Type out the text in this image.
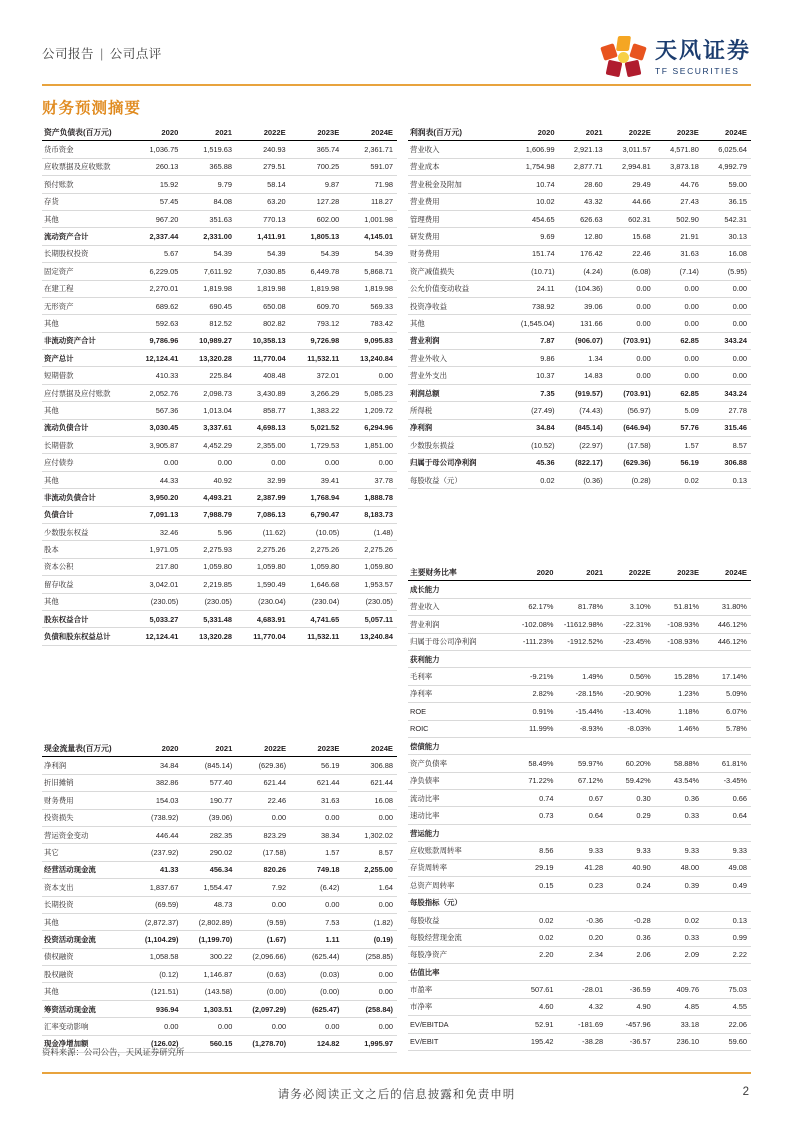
公司报告 | 公司点评	天风证券
TF SECURITIES
财务预测摘要
资产负债表(百万元)	2020	2021	2022E	2023E	2024E
货币资金	1,036.75	1,519.63	240.93	365.74	2,361.71
应收票据及应收账款	260.13	365.88	279.51	700.25	591.07
预付账款	15.92	9.79	58.14	9.87	71.98
存货	57.45	84.08	63.20	127.28	118.27
其他	967.20	351.63	770.13	602.00	1,001.98
流动资产合计	2,337.44	2,331.00	1,411.91	1,805.13	4,145.01
长期股权投资	5.67	54.39	54.39	54.39	54.39
固定资产	6,229.05	7,611.92	7,030.85	6,449.78	5,868.71
在建工程	2,270.01	1,819.98	1,819.98	1,819.98	1,819.98
无形资产	689.62	690.45	650.08	609.70	569.33
其他	592.63	812.52	802.82	793.12	783.42
非流动资产合计	9,786.96	10,989.27	10,358.13	9,726.98	9,095.83
资产总计	12,124.41	13,320.28	11,770.04	11,532.11	13,240.84
短期借款	410.33	225.84	408.48	372.01	0.00
应付票据及应付账款	2,052.76	2,098.73	3,430.89	3,266.29	5,085.23
其他	567.36	1,013.04	858.77	1,383.22	1,209.72
流动负债合计	3,030.45	3,337.61	4,698.13	5,021.52	6,294.96
长期借款	3,905.87	4,452.29	2,355.00	1,729.53	1,851.00
应付债券	0.00	0.00	0.00	0.00	0.00
其他	44.33	40.92	32.99	39.41	37.78
非流动负债合计	3,950.20	4,493.21	2,387.99	1,768.94	1,888.78
负债合计	7,091.13	7,988.79	7,086.13	6,790.47	8,183.73
少数股东权益	32.46	5.96	(11.62)	(10.05)	(1.48)
股本	1,971.05	2,275.93	2,275.26	2,275.26	2,275.26
资本公积	217.80	1,059.80	1,059.80	1,059.80	1,059.80
留存收益	3,042.01	2,219.85	1,590.49	1,646.68	1,953.57
其他	(230.05)	(230.05)	(230.04)	(230.04)	(230.05)
股东权益合计	5,033.27	5,331.48	4,683.91	4,741.65	5,057.11
负债和股东权益总计	12,124.41	13,320.28	11,770.04	11,532.11	13,240.84
现金流量表(百万元)	2020	2021	2022E	2023E	2024E
净利润	34.84	(845.14)	(629.36)	56.19	306.88
折旧摊销	382.86	577.40	621.44	621.44	621.44
财务费用	154.03	190.77	22.46	31.63	16.08
投资损失	(738.92)	(39.06)	0.00	0.00	0.00
营运资金变动	446.44	282.35	823.29	38.34	1,302.02
其它	(237.92)	290.02	(17.58)	1.57	8.57
经营活动现金流	41.33	456.34	820.26	749.18	2,255.00
资本支出	1,837.67	1,554.47	7.92	(6.42)	1.64
长期投资	(69.59)	48.73	0.00	0.00	0.00
其他	(2,872.37)	(2,802.89)	(9.59)	7.53	(1.82)
投资活动现金流	(1,104.29)	(1,199.70)	(1.67)	1.11	(0.19)
债权融资	1,058.58	300.22	(2,096.66)	(625.44)	(258.85)
股权融资	(0.12)	1,146.87	(0.63)	(0.03)	0.00
其他	(121.51)	(143.58)	(0.00)	(0.00)	0.00
筹资活动现金流	936.94	1,303.51	(2,097.29)	(625.47)	(258.84)
汇率变动影响	0.00	0.00	0.00	0.00	0.00
现金净增加额	(126.02)	560.15	(1,278.70)	124.82	1,995.97
利润表(百万元)	2020	2021	2022E	2023E	2024E
营业收入	1,606.99	2,921.13	3,011.57	4,571.80	6,025.64
营业成本	1,754.98	2,877.71	2,994.81	3,873.18	4,992.79
营业税金及附加	10.74	28.60	29.49	44.76	59.00
营业费用	10.02	43.32	44.66	27.43	36.15
管理费用	454.65	626.63	602.31	502.90	542.31
研发费用	9.69	12.80	15.68	21.91	30.13
财务费用	151.74	176.42	22.46	31.63	16.08
资产减值损失	(10.71)	(4.24)	(6.08)	(7.14)	(5.95)
公允价值变动收益	24.11	(104.36)	0.00	0.00	0.00
投资净收益	738.92	39.06	0.00	0.00	0.00
其他	(1,545.04)	131.66	0.00	0.00	0.00
营业利润	7.87	(906.07)	(703.91)	62.85	343.24
营业外收入	9.86	1.34	0.00	0.00	0.00
营业外支出	10.37	14.83	0.00	0.00	0.00
利润总额	7.35	(919.57)	(703.91)	62.85	343.24
所得税	(27.49)	(74.43)	(56.97)	5.09	27.78
净利润	34.84	(845.14)	(646.94)	57.76	315.46
少数股东损益	(10.52)	(22.97)	(17.58)	1.57	8.57
归属于母公司净利润	45.36	(822.17)	(629.36)	56.19	306.88
每股收益（元）	0.02	(0.36)	(0.28)	0.02	0.13
主要财务比率	2020	2021	2022E	2023E	2024E
成长能力					
营业收入	62.17%	81.78%	3.10%	51.81%	31.80%
营业利润	-102.08%	-11612.98%	-22.31%	-108.93%	446.12%
归属于母公司净利润	-111.23%	-1912.52%	-23.45%	-108.93%	446.12%
获利能力					
毛利率	-9.21%	1.49%	0.56%	15.28%	17.14%
净利率	2.82%	-28.15%	-20.90%	1.23%	5.09%
ROE	0.91%	-15.44%	-13.40%	1.18%	6.07%
ROIC	11.99%	-8.93%	-8.03%	1.46%	5.78%
偿债能力					
资产负债率	58.49%	59.97%	60.20%	58.88%	61.81%
净负债率	71.22%	67.12%	59.42%	43.54%	-3.45%
流动比率	0.74	0.67	0.30	0.36	0.66
速动比率	0.73	0.64	0.29	0.33	0.64
营运能力					
应收账款周转率	8.56	9.33	9.33	9.33	9.33
存货周转率	29.19	41.28	40.90	48.00	49.08
总资产周转率	0.15	0.23	0.24	0.39	0.49
每股指标（元）					
每股收益	0.02	-0.36	-0.28	0.02	0.13
每股经营现金流	0.02	0.20	0.36	0.33	0.99
每股净资产	2.20	2.34	2.06	2.09	2.22
估值比率					
市盈率	507.61	-28.01	-36.59	409.76	75.03
市净率	4.60	4.32	4.90	4.85	4.55
EV/EBITDA	52.91	-181.69	-457.96	33.18	22.06
EV/EBIT	195.42	-38.28	-36.57	236.10	59.60
资料来源：公司公告，天风证券研究所
请务必阅读正文之后的信息披露和免责申明	2
